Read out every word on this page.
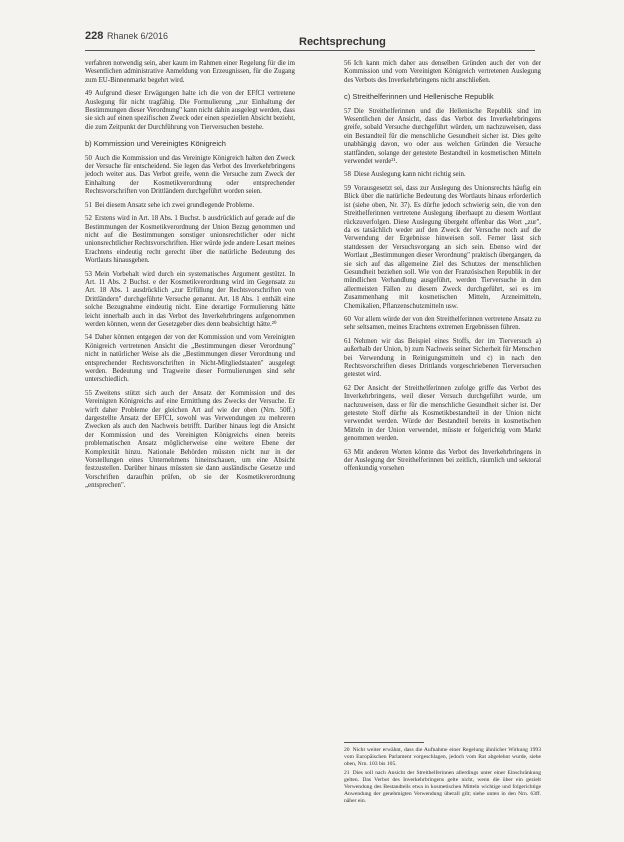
228 Rhanek 6/2016	Rechtsprechung

verfahren notwendig sein, aber kaum im Rahmen einer Regelung für die im Wesentlichen administrative Anmeldung von Erzeugnissen, für die Zugang zum EU-Binnenmarkt begehrt wird.

49 Aufgrund dieser Erwägungen halte ich die von der EFfCI vertretene Auslegung für nicht tragfähig. Die Formulierung „zur Einhaltung der Bestimmungen dieser Verordnung" kann nicht dahin ausgelegt werden, dass sie sich auf einen spezifischen Zweck oder einen speziellen Absicht bezieht, die zum Zeitpunkt der Durchführung von Tierversuchen bestehe.

b) Kommission und Vereinigtes Königreich

50 Auch die Kommission und das Vereinigte Königreich halten den Zweck der Versuche für entscheidend. Sie legen das Verbot des Inverkehrbringens jedoch weiter aus. Das Verbot greife, wenn die Versuche zum Zweck der Einhaltung der Kosmetikverordnung oder entsprechender Rechtsvorschriften von Drittländern durchgeführt worden seien.

51 Bei diesem Ansatz sehe ich zwei grundlegende Probleme.

52 Erstens wird in Art. 18 Abs. 1 Buchst. b ausdrücklich auf gerade auf die Bestimmungen der Kosmetikverordnung der Union Bezug genommen und nicht auf die Bestimmungen sonstiger unionsrechtlicher oder nicht unionsrechtlicher Rechtsvorschriften. Hier würde jede andere Lesart meines Erachtens eindeutig recht gerecht über die natürliche Bedeutung des Wortlauts hinausgehen.

53 Mein Vorbehalt wird durch ein systematisches Argument gestützt. In Art. 11 Abs. 2 Buchst. e der Kosmetikverordnung wird im Gegensatz zu Art. 18 Abs. 1 ausdrücklich „zur Erfüllung der Rechtsvorschriften von Drittländern" durchgeführte Versuche genannt. Art. 18 Abs. 1 enthält eine solche Bezugnahme eindeutig nicht. Eine derartige Formulierung hätte leicht innerhalb auch in das Verbot des Inverkehrbringens aufgenommen werden können, wenn der Gesetzgeber dies denn beabsichtigt hätte.²⁰

54 Daher können entgegen der von der Kommission und vom Vereinigten Königreich vertretenen Ansicht die „Bestimmungen dieser Verordnung" nicht in natürlicher Weise als die „Bestimmungen dieser Verordnung und entsprechender Rechtsvorschriften in Nicht-Mitgliedstaaten" ausgelegt werden. Bedeutung und Tragweite dieser Formulierungen sind sehr unterschiedlich.

55 Zweitens stützt sich auch der Ansatz der Kommission und des Vereinigten Königreichs auf eine Ermittlung des Zwecks der Versuche. Er wirft daher Probleme der gleichen Art auf wie der oben (Nrn. 50ff.) dargestellte Ansatz der EFfCI, sowohl was Verwendungen zu mehreren Zwecken als auch den Nachweis betrifft. Darüber hinaus legt die Ansicht der Kommission und des Vereinigten Königreichs einen bereits problematischen Ansatz möglicherweise eine weitere Ebene der Komplexität hinzu. Nationale Behörden müssten nicht nur in der Vorstellungen eines Unternehmens hineinschauen, um eine Absicht festzustellen. Darüber hinaus müssten sie dann ausländische Gesetze und Vorschriften daraufhin prüfen, ob sie der Kosmetikverordnung „entsprechen".

56 Ich kann mich daher aus denselben Gründen auch der von der Kommission und vom Vereinigten Königreich vertretenen Auslegung des Verbots des Inverkehrbringens nicht anschließen.

c) Streithelferinnen und Hellenische Republik

57 Die Streithelferinnen und die Hellenische Republik sind im Wesentlichen der Ansicht, dass das Verbot des Inverkehrbringens greife, sobald Versuche durchgeführt würden, um nachzuweisen, dass ein Bestandteil für die menschliche Gesundheit sicher ist. Dies gelte unabhängig davon, wo oder aus welchen Gründen die Versuche stattfänden, solange der getestete Bestandteil in kosmetischen Mitteln verwendet werde²¹.

58 Diese Auslegung kann nicht richtig sein.

59 Vorausgesetzt sei, dass zur Auslegung des Unionsrechts häufig ein Blick über die natürliche Bedeutung des Wortlauts hinaus erforderlich ist (siehe oben, Nr. 37). Es dürfte jedoch schwierig sein, die von den Streithelferinnen vertretene Auslegung überhaupt zu diesem Wortlaut rückzuverfolgen. Diese Auslegung übergeht offenbar das Wort „zur", da es tatsächlich weder auf den Zweck der Versuche noch auf die Verwendung der Ergebnisse hinweisen soll. Ferner lässt sich stattdessen der Versuchsvorgang an sich sein. Ebenso wird der Wortlaut „Bestimmungen dieser Verordnung" praktisch übergangen, da sie sich auf das allgemeine Ziel des Schutzes der menschlichen Gesundheit beziehen soll. Wie von der Französischen Republik in der mündlichen Verhandlung ausgeführt, werden Tierversuche in den allermeisten Fällen zu diesem Zweck durchgeführt, sei es im Zusammenhang mit kosmetischen Mitteln, Arzneimitteln, Chemikalien, Pflanzenschutzmitteln usw.

60 Vor allem würde der von den Streithelferinnen vertretene Ansatz zu sehr seltsamen, meines Erachtens extremen Ergebnissen führen.

61 Nehmen wir das Beispiel eines Stoffs, der im Tierversuch a) außerhalb der Union, b) zum Nachweis seiner Sicherheit für Menschen bei Verwendung in Reinigungsmitteln und c) in nach den Rechtsvorschriften dieses Drittlands vorgeschriebenen Tierversuchen getestet wird.

62 Der Ansicht der Streithelferinnen zufolge griffe das Verbot des Inverkehrbringens, weil dieser Versuch durchgeführt wurde, um nachzuweisen, dass er für die menschliche Gesundheit sicher ist. Der getestete Stoff dürfte als Kosmetikbestandteil in der Union nicht verwendet werden. Würde der Bestandteil bereits in kosmetischen Mitteln in der Union verwendet, müsste er folgerichtig vom Markt genommen werden.

63 Mit anderen Worten könnte das Verbot des Inverkehrbringens in der Auslegung der Streithelferinnen bei zeitlich, räumlich und sektoral offenkundig vorsehen

20 Nicht weiter erwähnt, dass die Aufnahme einer Regelung ähnlicher Wirkung 1993 vom Europäischen Parlament vorgeschlagen, jedoch vom Rat abgelehnt wurde, siehe oben, Nrn. 103 bis 105.

21 Dies soll nach Ansicht der Streithelferinnen allerdings unter einer Einschränkung gelten. Das Verbot des Inverkehrbringens gelte nicht, wenn die über ein gezielt Verwendung des Bestandteils etwa in kosmetischen Mitteln wichtige und folgerichtige Anwendung der genehmigten Verwendung überall gilt; siehe unten in den Nrn. 63ff. näher ein.
